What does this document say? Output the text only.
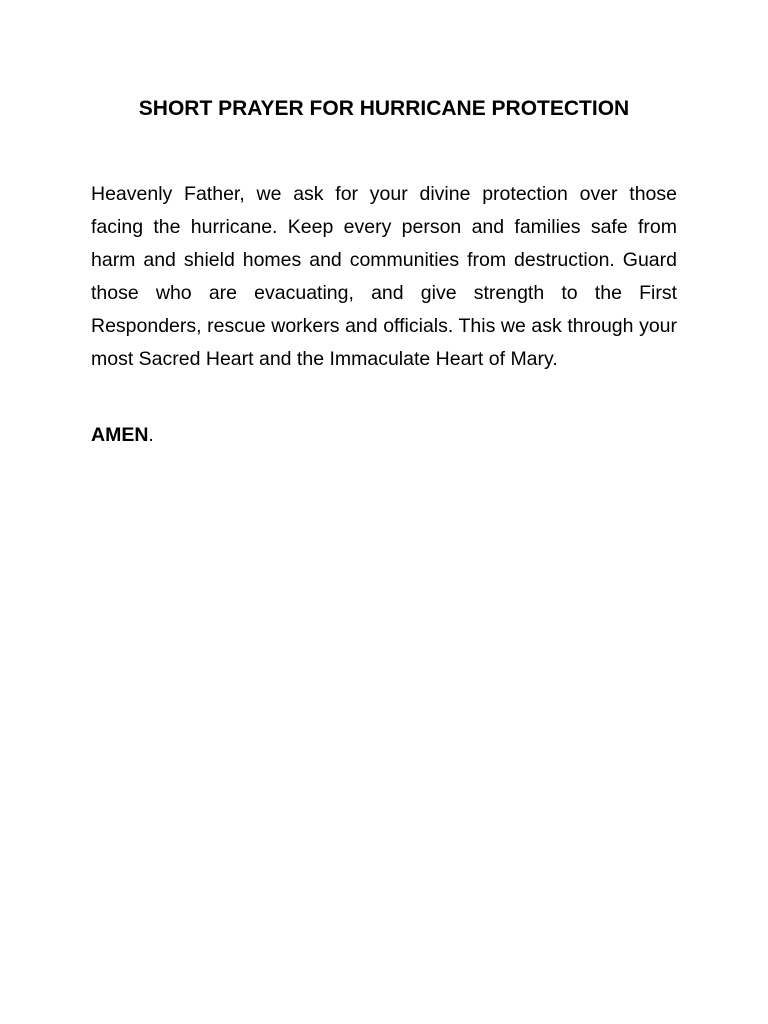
SHORT PRAYER FOR HURRICANE PROTECTION

Heavenly Father, we ask for your divine protection over those facing the hurricane. Keep every person and families safe from harm and shield homes and communities from destruction. Guard those who are evacuating, and give strength to the First Responders, rescue workers and officials. This we ask through your most Sacred Heart and the Immaculate Heart of Mary.

AMEN.
